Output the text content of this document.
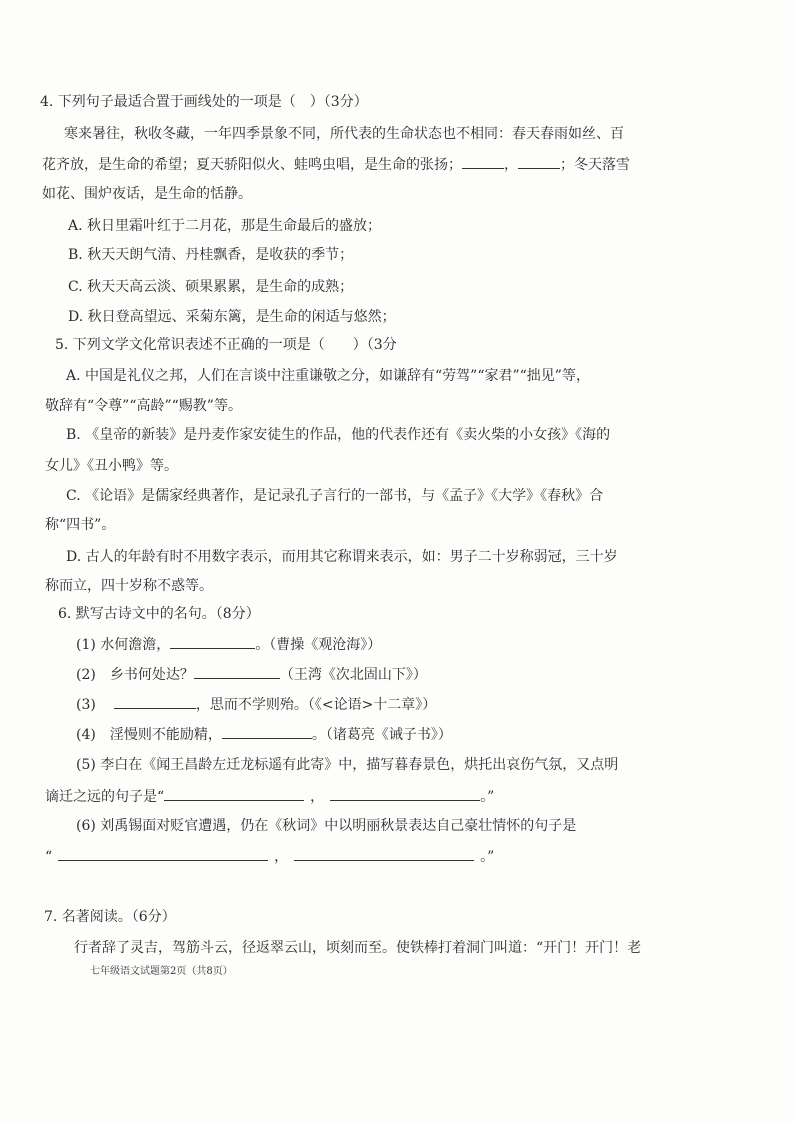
4. 下列句子最适合置于画线处的一项是（　）（3分）
寒来暑往，秋收冬藏，一年四季景象不同，所代表的生命状态也不相同：春天春雨如丝、百
花齐放，是生命的希望；夏天骄阳似火、蛙鸣虫唱，是生命的张扬；	，	；冬天落雪
如花、围炉夜话，是生命的恬静。
A. 秋日里霜叶红于二月花，那是生命最后的盛放；
B. 秋天天朗气清、丹桂飘香，是收获的季节；
C. 秋天天高云淡、硕果累累，是生命的成熟；
D. 秋日登高望远、采菊东篱，是生命的闲适与悠然；
5. 下列文学文化常识表述不正确的一项是（　　）（3分
A. 中国是礼仪之邦，人们在言谈中注重谦敬之分，如谦辞有“劳驾”“家君”“拙见”等，
敬辞有“令尊”“高龄”“赐教”等。
B. 《皇帝的新装》是丹麦作家安徒生的作品，他的代表作还有《卖火柴的小女孩》《海的
女儿》《丑小鸭》等。
C. 《论语》是儒家经典著作，是记录孔子言行的一部书，与《孟子》《大学》《春秋》合
称“四书”。
D. 古人的年龄有时不用数字表示，而用其它称谓来表示，如：男子二十岁称弱冠，三十岁
称而立，四十岁称不惑等。
6. 默写古诗文中的名句。（8分）
(1) 水何澹澹，	。（曹操《观沧海》）
(2)　乡书何处达？	（王湾《次北固山下》）
(3)	，思而不学则殆。（《<论语>十二章》）
(4)　淫慢则不能励精，	。（诸葛亮《诫子书》）
(5) 李白在《闻王昌龄左迁龙标遥有此寄》中，描写暮春景色，烘托出哀伤气氛，又点明
谪迁之远的句子是“	，	。”
(6) 刘禹锡面对贬官遭遇，仍在《秋词》中以明丽秋景表达自己豪壮情怀的句子是
“	，	。”
7. 名著阅读。（6分）
行者辞了灵吉，驾筋斗云，径返翠云山，顷刻而至。使铁棒打着洞门叫道：“开门！开门！老
七年级语文试题第2页（共8页）
